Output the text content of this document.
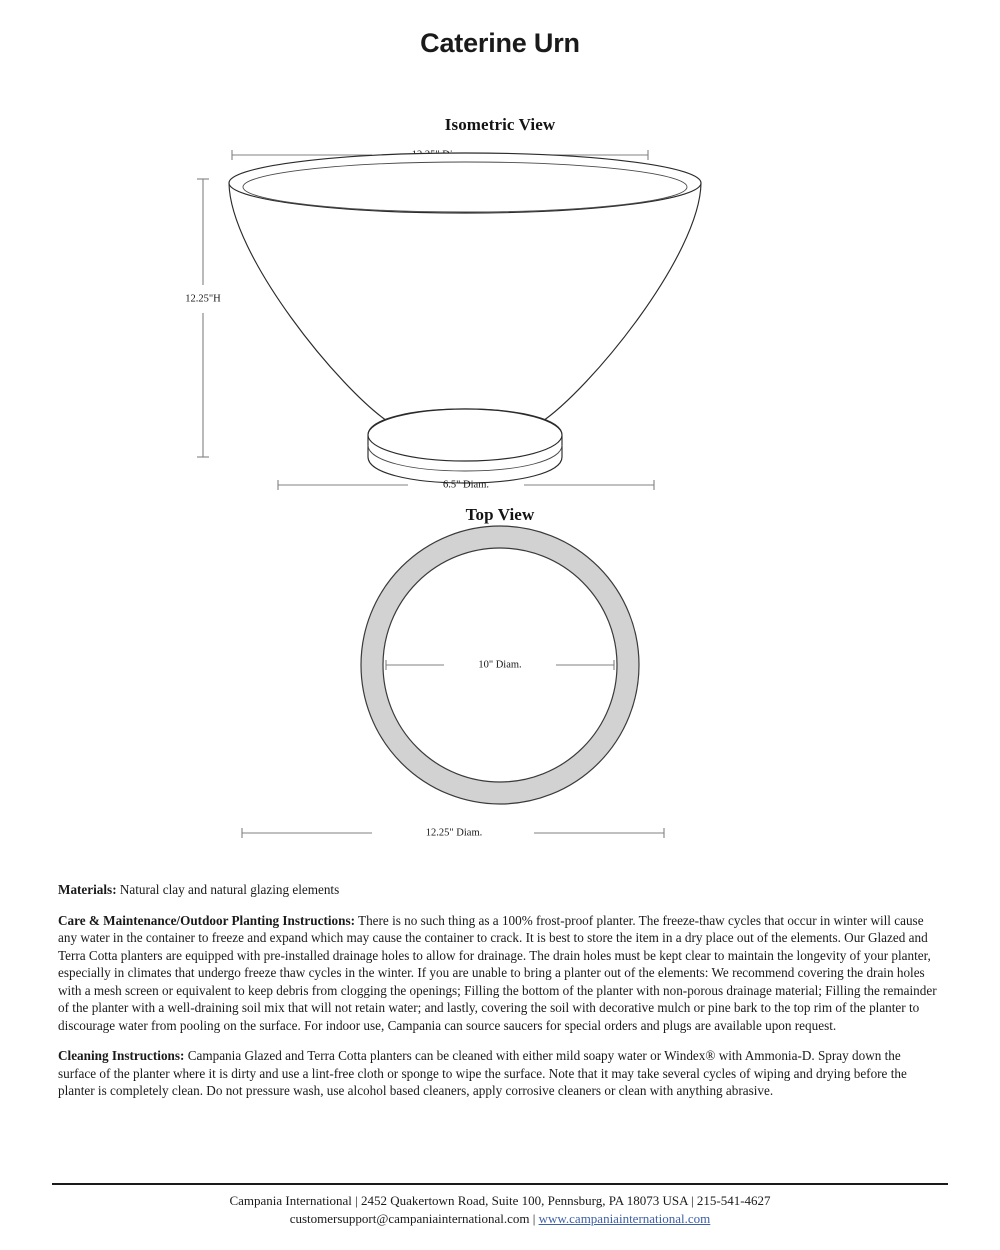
Caterine Urn
Isometric View
12.25"H
6.5" Diam.
Top View
10" Diam.
12.25" Diam.

Materials: Natural clay and natural glazing elements

Care & Maintenance/Outdoor Planting Instructions: There is no such thing as a 100% frost-proof planter. The freeze-thaw cycles that occur in winter will cause any water in the container to freeze and expand which may cause the container to crack. It is best to store the item in a dry place out of the elements. Our Glazed and Terra Cotta planters are equipped with pre-installed drainage holes to allow for drainage. The drain holes must be kept clear to maintain the longevity of your planter, especially in climates that undergo freeze thaw cycles in the winter. If you are unable to bring a planter out of the elements: We recommend covering the drain holes with a mesh screen or equivalent to keep debris from clogging the openings; Filling the bottom of the planter with non-porous drainage material; Filling the remainder of the planter with a well-draining soil mix that will not retain water; and lastly, covering the soil with decorative mulch or pine bark to the top rim of the planter to discourage water from pooling on the surface. For indoor use, Campania can source saucers for special orders and plugs are available upon request.

Cleaning Instructions: Campania Glazed and Terra Cotta planters can be cleaned with either mild soapy water or Windex® with Ammonia-D. Spray down the surface of the planter where it is dirty and use a lint-free cloth or sponge to wipe the surface. Note that it may take several cycles of wiping and drying before the planter is completely clean. Do not pressure wash, use alcohol based cleaners, apply corrosive cleaners or clean with anything abrasive.

Campania International | 2452 Quakertown Road, Suite 100, Pennsburg, PA 18073 USA | 215-541-4627
customersupport@campaniainternational.com | www.campaniainternational.com
